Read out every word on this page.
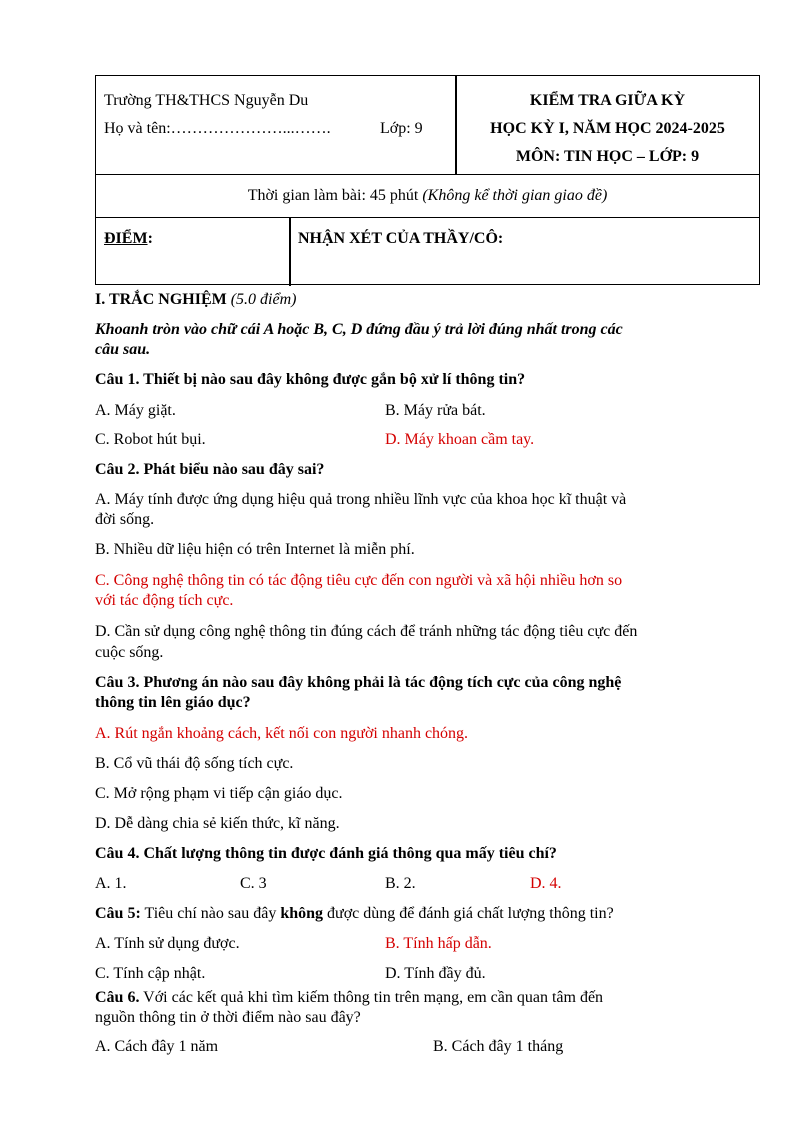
Trường TH&THCS Nguyễn Du
Họ và tên:…………………...…….	Lớp: 9
KIỂM TRA GIỮA KỲ
HỌC KỲ I, NĂM HỌC 2024-2025
MÔN: TIN HỌC – LỚP: 9
Thời gian làm bài: 45 phút (Không kể thời gian giao đề)
ĐIỂM:	NHẬN XÉT CỦA THẦY/CÔ:
I. TRẮC NGHIỆM (5.0 điểm)
Khoanh tròn vào chữ cái A hoặc B, C, D đứng đầu ý trả lời đúng nhất trong các
câu sau.
Câu 1. Thiết bị nào sau đây không được gắn bộ xử lí thông tin?
A. Máy giặt.	B. Máy rửa bát.
C. Robot hút bụi.	D. Máy khoan cầm tay.
Câu 2. Phát biểu nào sau đây sai?
A. Máy tính được ứng dụng hiệu quả trong nhiều lĩnh vực của khoa học kĩ thuật và
đời sống.
B. Nhiều dữ liệu hiện có trên Internet là miễn phí.
C. Công nghệ thông tin có tác động tiêu cực đến con người và xã hội nhiều hơn so
với tác động tích cực.
D. Cần sử dụng công nghệ thông tin đúng cách để tránh những tác động tiêu cực đến
cuộc sống.
Câu 3. Phương án nào sau đây không phải là tác động tích cực của công nghệ
thông tin lên giáo dục?
A. Rút ngắn khoảng cách, kết nối con người nhanh chóng.
B. Cổ vũ thái độ sống tích cực.
C. Mở rộng phạm vi tiếp cận giáo dục.
D. Dễ dàng chia sẻ kiến thức, kĩ năng.
Câu 4. Chất lượng thông tin được đánh giá thông qua mấy tiêu chí?
A. 1.	C. 3	B. 2.	D. 4.
Câu 5: Tiêu chí nào sau đây không được dùng để đánh giá chất lượng thông tin?
A. Tính sử dụng được.	B. Tính hấp dẫn.
C. Tính cập nhật.	D. Tính đầy đủ.
Câu 6. Với các kết quả khi tìm kiếm thông tin trên mạng, em cần quan tâm đến
nguồn thông tin ở thời điểm nào sau đây?
A. Cách đây 1 năm	B. Cách đây 1 tháng
